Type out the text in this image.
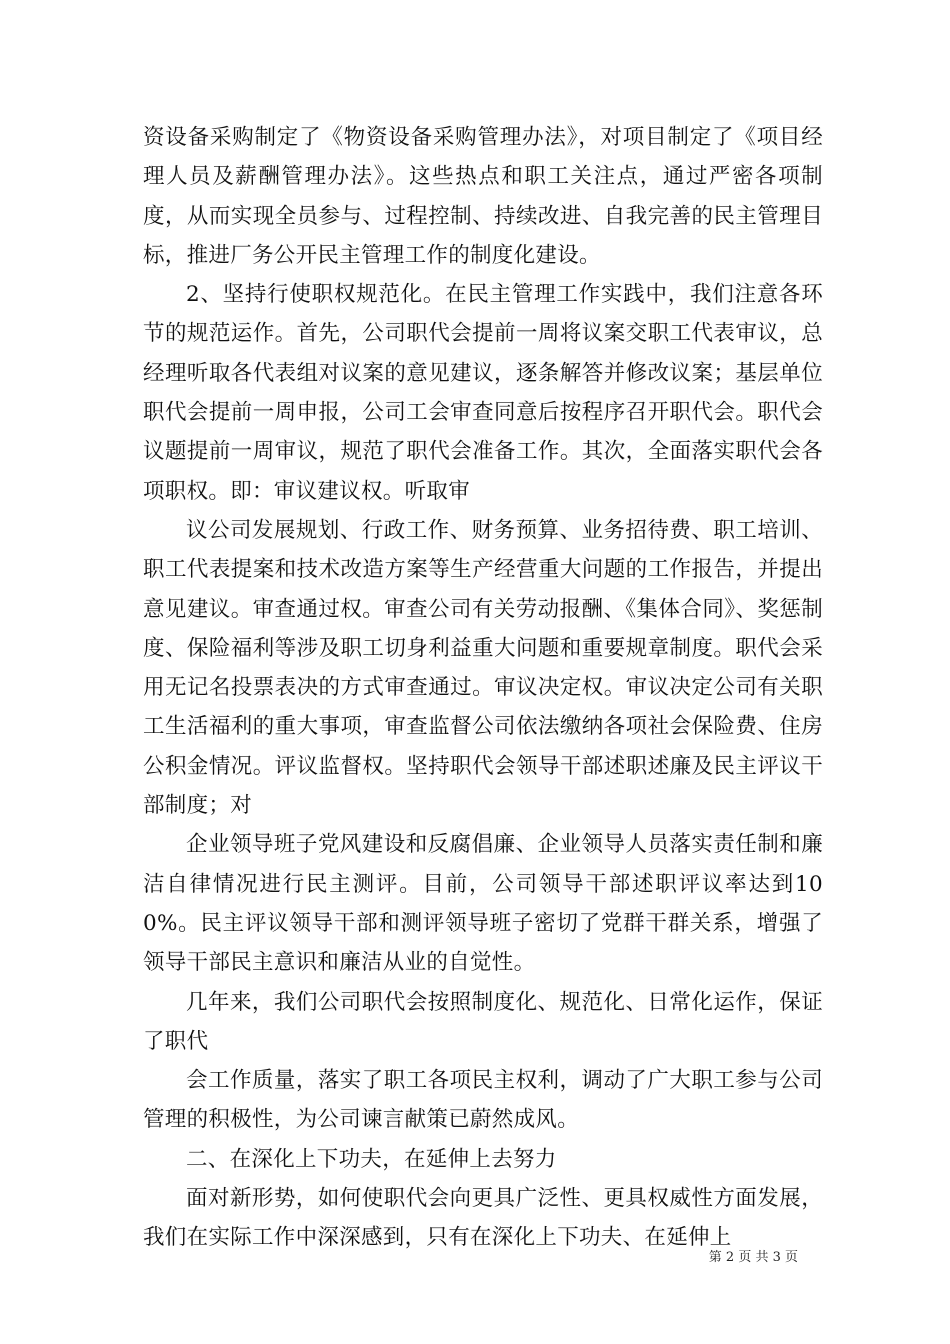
资设备采购制定了《物资设备采购管理办法》，对项目制定了《项目经理人员及薪酬管理办法》。这些热点和职工关注点，通过严密各项制度，从而实现全员参与、过程控制、持续改进、自我完善的民主管理目标，推进厂务公开民主管理工作的制度化建设。

2、坚持行使职权规范化。在民主管理工作实践中，我们注意各环节的规范运作。首先，公司职代会提前一周将议案交职工代表审议，总经理听取各代表组对议案的意见建议，逐条解答并修改议案；基层单位职代会提前一周申报，公司工会审查同意后按程序召开职代会。职代会议题提前一周审议，规范了职代会准备工作。其次，全面落实职代会各项职权。即：审议建议权。听取审

议公司发展规划、行政工作、财务预算、业务招待费、职工培训、职工代表提案和技术改造方案等生产经营重大问题的工作报告，并提出意见建议。审查通过权。审查公司有关劳动报酬、《集体合同》、奖惩制度、保险福利等涉及职工切身利益重大问题和重要规章制度。职代会采用无记名投票表决的方式审查通过。审议决定权。审议决定公司有关职工生活福利的重大事项，审查监督公司依法缴纳各项社会保险费、住房公积金情况。评议监督权。坚持职代会领导干部述职述廉及民主评议干部制度；对

企业领导班子党风建设和反腐倡廉、企业领导人员落实责任制和廉洁自律情况进行民主测评。目前，公司领导干部述职评议率达到100%。民主评议领导干部和测评领导班子密切了党群干群关系，增强了领导干部民主意识和廉洁从业的自觉性。

几年来，我们公司职代会按照制度化、规范化、日常化运作，保证了职代

会工作质量，落实了职工各项民主权利，调动了广大职工参与公司管理的积极性，为公司谏言献策已蔚然成风。

二、在深化上下功夫，在延伸上去努力

面对新形势，如何使职代会向更具广泛性、更具权威性方面发展，我们在实际工作中深深感到，只有在深化上下功夫、在延伸上

第 2 页 共 3 页
